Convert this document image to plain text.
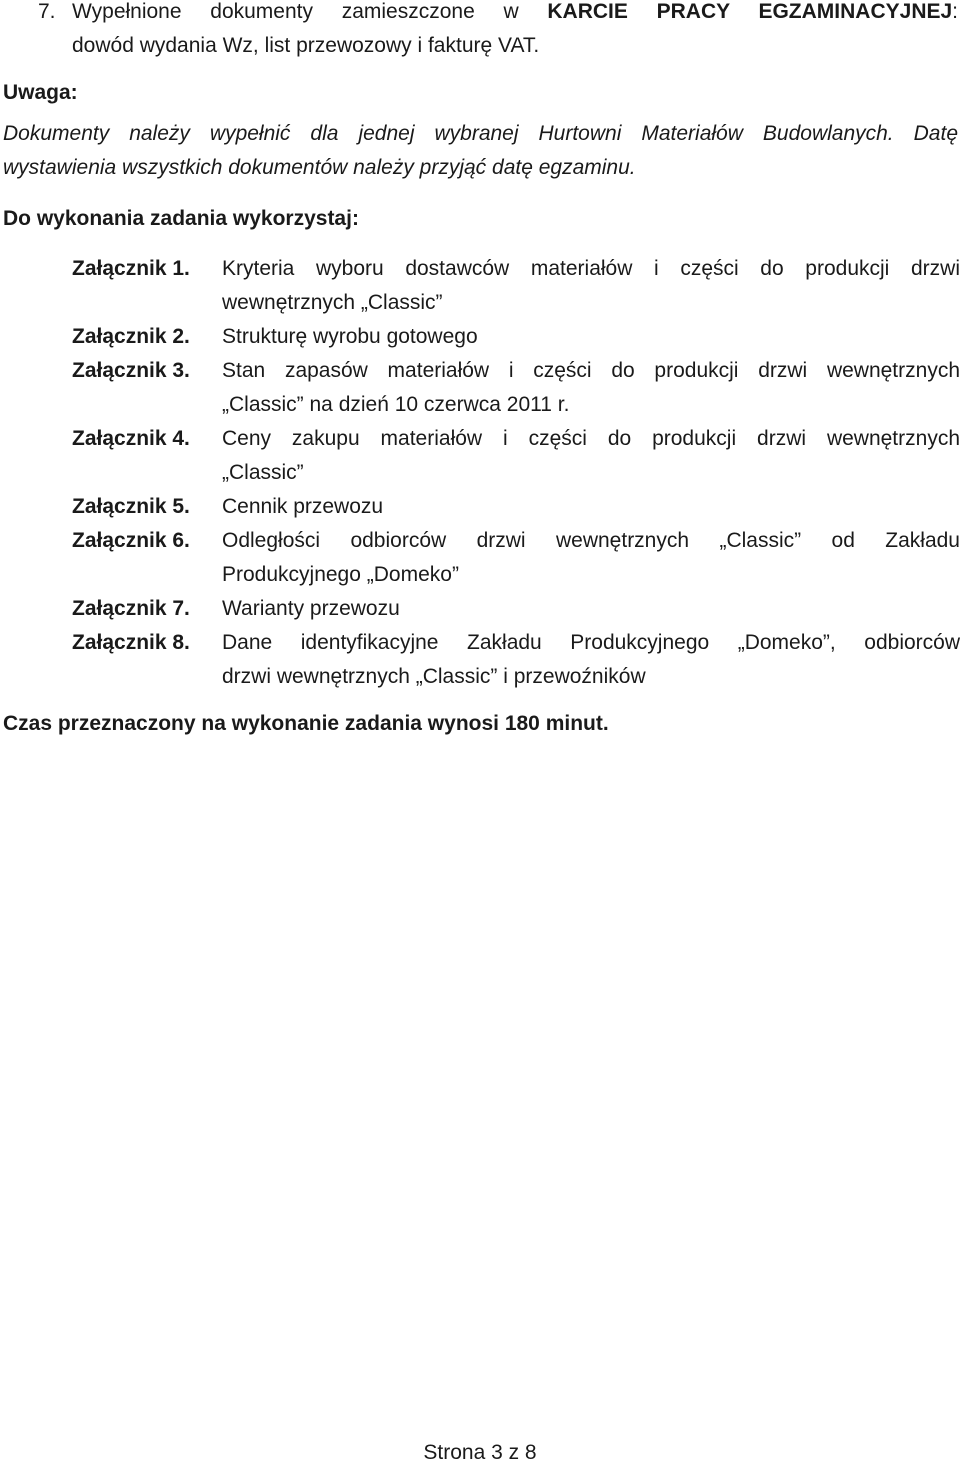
7. Wypełnione dokumenty zamieszczone w KARCIE PRACY EGZAMINACYJNEJ:
dowód wydania Wz, list przewozowy i fakturę VAT.
Uwaga:
Dokumenty należy wypełnić dla jednej wybranej Hurtowni Materiałów Budowlanych. Datę
wystawienia wszystkich dokumentów należy przyjąć datę egzaminu.
Do wykonania zadania wykorzystaj:
Załącznik 1.	Kryteria wyboru dostawców materiałów i części do produkcji drzwi
wewnętrznych „Classic”
Załącznik 2.	Strukturę wyrobu gotowego
Załącznik 3.	Stan zapasów materiałów i części do produkcji drzwi wewnętrznych
„Classic” na dzień 10 czerwca 2011 r.
Załącznik 4.	Ceny zakupu materiałów i części do produkcji drzwi wewnętrznych
„Classic”
Załącznik 5.	Cennik przewozu
Załącznik 6.	Odległości odbiorców drzwi wewnętrznych „Classic” od Zakładu
Produkcyjnego „Domeko”
Załącznik 7.	Warianty przewozu
Załącznik 8.	Dane identyfikacyjne Zakładu Produkcyjnego „Domeko”, odbiorców
drzwi wewnętrznych „Classic” i przewoźników
Czas przeznaczony na wykonanie zadania wynosi 180 minut.
Strona 3 z 8
